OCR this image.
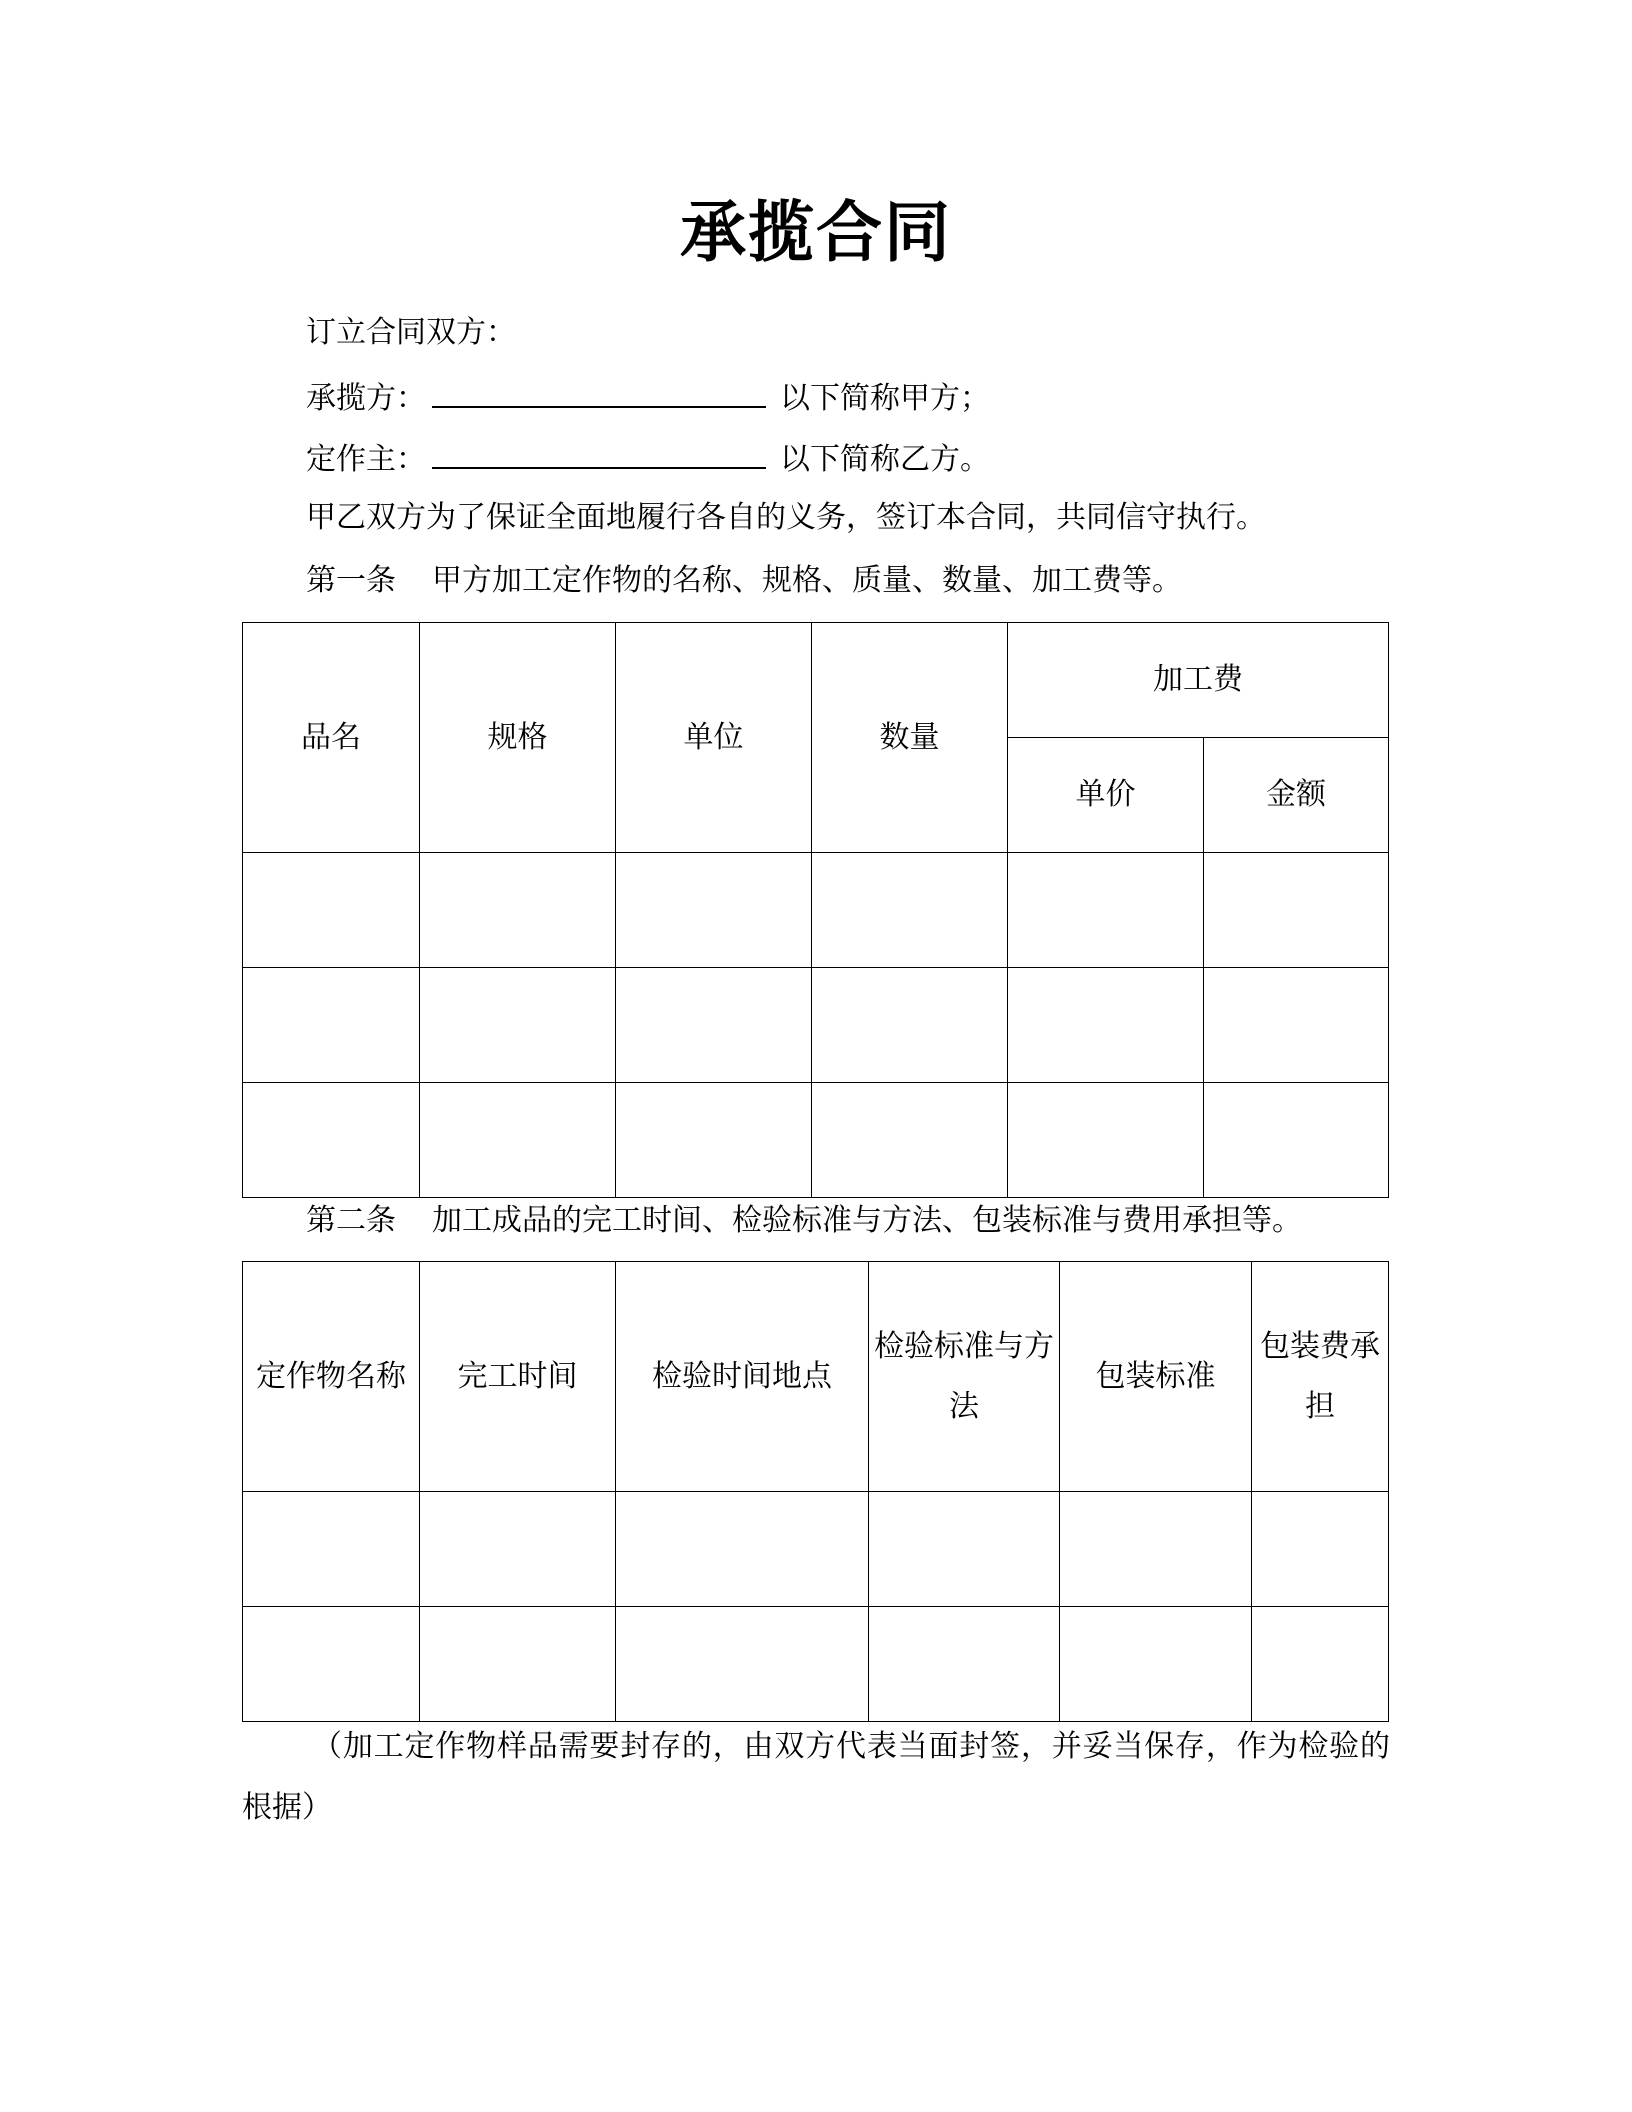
承揽合同
订立合同双方：
承揽方：	以下简称甲方；
定作主：	以下简称乙方。
甲乙双方为了保证全面地履行各自的义务，签订本合同，共同信守执行。
第一条 甲方加工定作物的名称、规格、质量、数量、加工费等。
品名	规格	单位	数量	加工费	
				单价	金额

第二条 加工成品的完工时间、检验标准与方法、包装标准与费用承担等。
定作物名称	完工时间	检验时间地点	检验标准与方法	包装标准	包装费承担

（加工定作物样品需要封存的，由双方代表当面封签，并妥当保存，作为检验的根据）
